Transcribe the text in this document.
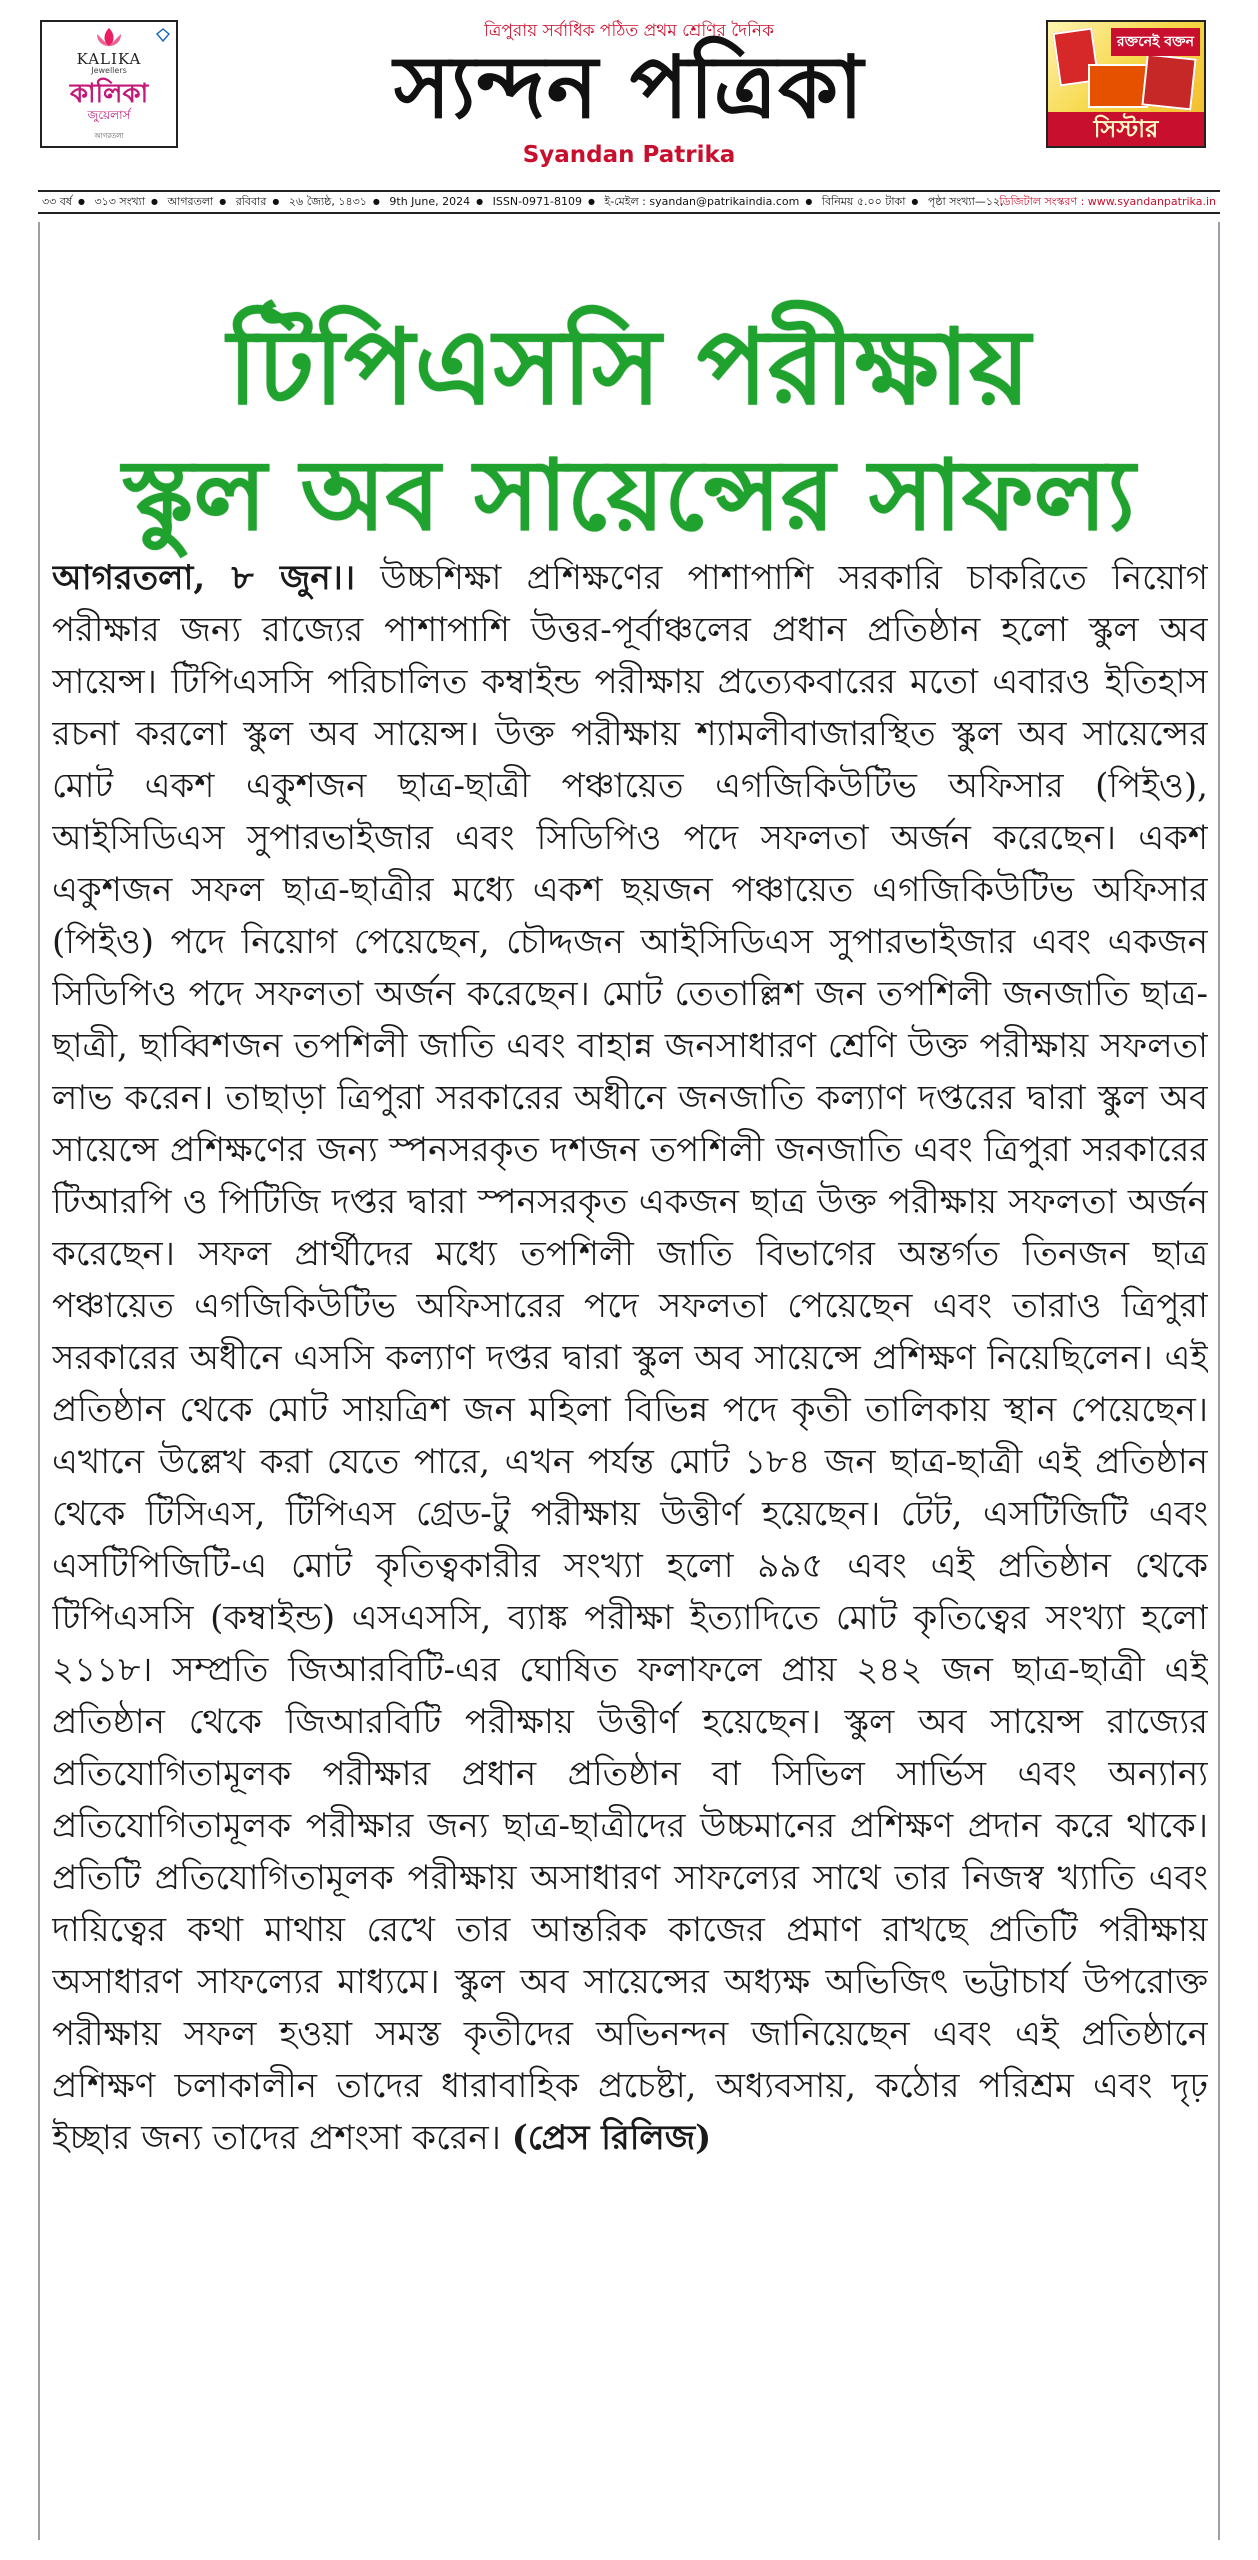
KALIKA
Jewellers
কালিকা
জুয়েলার্স
আগরতলা
ত্রিপুরায় সর্বাধিক পঠিত প্রথম শ্রেণির দৈনিক
স্যন্দন পত্রিকা
Syandan Patrika
রক্তনেই বক্তন
সিস্টার
৩৩ বর্ষ ● ৩১৩ সংখ্যা ● আগরতলা ● রবিবার ● ২৬ জ্যৈষ্ঠ, ১৪৩১ ● 9th June, 2024 ● ISSN-0971-8109 ● ই-মেইল : syandan@patrikaindia.com ● বিনিময় ৫.০০ টাকা ● পৃষ্ঠা সংখ্যা—১২,
ডিজিটাল সংস্করণ : www.syandanpatrika.in
টিপিএসসি পরীক্ষায়
স্কুল অব সায়েন্সের সাফল্য
আগরতলা, ৮ জুন।। উচ্চশিক্ষা প্রশিক্ষণের পাশাপাশি সরকারি চাকরিতে নিয়োগ পরীক্ষার জন্য রাজ্যের পাশাপাশি উত্তর-পূর্বাঞ্চলের প্রধান প্রতিষ্ঠান হলো স্কুল অব সায়েন্স। টিপিএসসি পরিচালিত কম্বাইন্ড পরীক্ষায় প্রত্যেকবারের মতো এবারও ইতিহাস রচনা করলো স্কুল অব সায়েন্স। উক্ত পরীক্ষায় শ্যামলীবাজারস্থিত স্কুল অব সায়েন্সের মোট একশ একুশজন ছাত্র-ছাত্রী পঞ্চায়েত এগজিকিউটিভ অফিসার (পিইও), আইসিডিএস সুপারভাইজার এবং সিডিপিও পদে সফলতা অর্জন করেছেন। একশ একুশজন সফল ছাত্র-ছাত্রীর মধ্যে একশ ছয়জন পঞ্চায়েত এগজিকিউটিভ অফিসার (পিইও) পদে নিয়োগ পেয়েছেন, চৌদ্দজন আইসিডিএস সুপারভাইজার এবং একজন সিডিপিও পদে সফলতা অর্জন করেছেন। মোট তেতাল্লিশ জন তপশিলী জনজাতি ছাত্র-ছাত্রী, ছাব্বিশজন তপশিলী জাতি এবং বাহান্ন জনসাধারণ শ্রেণি উক্ত পরীক্ষায় সফলতা লাভ করেন। তাছাড়া ত্রিপুরা সরকারের অধীনে জনজাতি কল্যাণ দপ্তরের দ্বারা স্কুল অব সায়েন্সে প্রশিক্ষণের জন্য স্পনসরকৃত দশজন তপশিলী জনজাতি এবং ত্রিপুরা সরকারের টিআরপি ও পিটিজি দপ্তর দ্বারা স্পনসরকৃত একজন ছাত্র উক্ত পরীক্ষায় সফলতা অর্জন করেছেন। সফল প্রার্থীদের মধ্যে তপশিলী জাতি বিভাগের অন্তর্গত তিনজন ছাত্র পঞ্চায়েত এগজিকিউটিভ অফিসারের পদে সফলতা পেয়েছেন এবং তারাও ত্রিপুরা সরকারের অধীনে এসসি কল্যাণ দপ্তর দ্বারা স্কুল অব সায়েন্সে প্রশিক্ষণ নিয়েছিলেন। এই প্রতিষ্ঠান থেকে মোট সায়ত্রিশ জন মহিলা বিভিন্ন পদে কৃতী তালিকায় স্থান পেয়েছেন। এখানে উল্লেখ করা যেতে পারে, এখন পর্যন্ত মোট ১৮৪ জন ছাত্র-ছাত্রী এই প্রতিষ্ঠান থেকে টিসিএস, টিপিএস গ্রেড-টু পরীক্ষায় উত্তীর্ণ হয়েছেন। টেট, এসটিজিটি এবং এসটিপিজিটি-এ মোট কৃতিত্বকারীর সংখ্যা হলো ৯৯৫ এবং এই প্রতিষ্ঠান থেকে টিপিএসসি (কম্বাইন্ড) এসএসসি, ব্যাঙ্ক পরীক্ষা ইত্যাদিতে মোট কৃতিত্বের সংখ্যা হলো ২১১৮। সম্প্রতি জিআরবিটি-এর ঘোষিত ফলাফলে প্রায় ২৪২ জন ছাত্র-ছাত্রী এই প্রতিষ্ঠান থেকে জিআরবিটি পরীক্ষায় উত্তীর্ণ হয়েছেন। স্কুল অব সায়েন্স রাজ্যের প্রতিযোগিতামূলক পরীক্ষার প্রধান প্রতিষ্ঠান বা সিভিল সার্ভিস এবং অন্যান্য প্রতিযোগিতামূলক পরীক্ষার জন্য ছাত্র-ছাত্রীদের উচ্চমানের প্রশিক্ষণ প্রদান করে থাকে। প্রতিটি প্রতিযোগিতামূলক পরীক্ষায় অসাধারণ সাফল্যের সাথে তার নিজস্ব খ্যাতি এবং দায়িত্বের কথা মাথায় রেখে তার আন্তরিক কাজের প্রমাণ রাখছে প্রতিটি পরীক্ষায় অসাধারণ সাফল্যের মাধ্যমে। স্কুল অব সায়েন্সের অধ্যক্ষ অভিজিৎ ভট্টাচার্য উপরোক্ত পরীক্ষায় সফল হওয়া সমস্ত কৃতীদের অভিনন্দন জানিয়েছেন এবং এই প্রতিষ্ঠানে প্রশিক্ষণ চলাকালীন তাদের ধারাবাহিক প্রচেষ্টা, অধ্যবসায়, কঠোর পরিশ্রম এবং দৃঢ় ইচ্ছার জন্য তাদের প্রশংসা করেন। (প্রেস রিলিজ)
